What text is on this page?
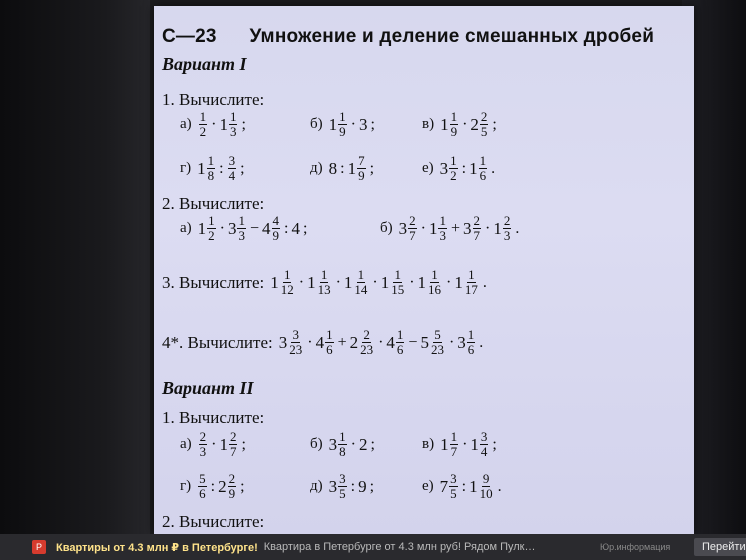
С—23 Умножение и деление смешанных дробей
Вариант I
1. Вычислите:
$а) \frac{1}{2} \cdot 1 \frac{1}{3}$ ;	б) $1 \frac{1}{9} \cdot 3$ ;	в) $1 \frac{1}{9} \cdot 2 \frac{2}{5}$ ;
г) $1 \frac{1}{8}$ : $\frac{3}{4}$ ;	д) 8 : $1 \frac{7}{9}$ ;	е) $3 \frac{1}{2}$ : $1 \frac{1}{6}$ .
2. Вычислите:
а) $1 \frac{1}{2} \cdot 3 \frac{1}{3} - 4 \frac{4}{9}$ : 4 ;	б) $3 \frac{2}{7} \cdot 1 \frac{1}{3} + 3 \frac{2}{7} \cdot 1 \frac{2}{3}$ .
3. Вычислите: $1 \frac{1}{12} \cdot 1 \frac{1}{13} \cdot 1 \frac{1}{14} \cdot 1 \frac{1}{15} \cdot 1 \frac{1}{16} \cdot 1 \frac{1}{17}$ .
4*. Вычислите: $3 \frac{3}{23} \cdot 4 \frac{1}{6} + 2 \frac{2}{23} \cdot 4 \frac{1}{6} - 5 \frac{5}{23} \cdot 3 \frac{1}{6}$ .
Вариант II
1. Вычислите:
$а) \frac{2}{3} \cdot 1 \frac{2}{7}$ ;	б) $3 \frac{1}{8} \cdot 2$ ;	в) $1 \frac{1}{7} \cdot 1 \frac{3}{4}$ ;
$г) \frac{5}{6}$ : $2 \frac{2}{9}$ ;	д) $3 \frac{3}{5}$ : 9 ;	е) $7 \frac{3}{5}$ : $1 \frac{9}{10}$ .
2. Вычислите:
Р	Квартиры от 4.3 млн ₽ в Петербурге! Квартира в Петербурге от 4.3 млн руб! Рядом Пулк…	Юр.информация	Перейти
